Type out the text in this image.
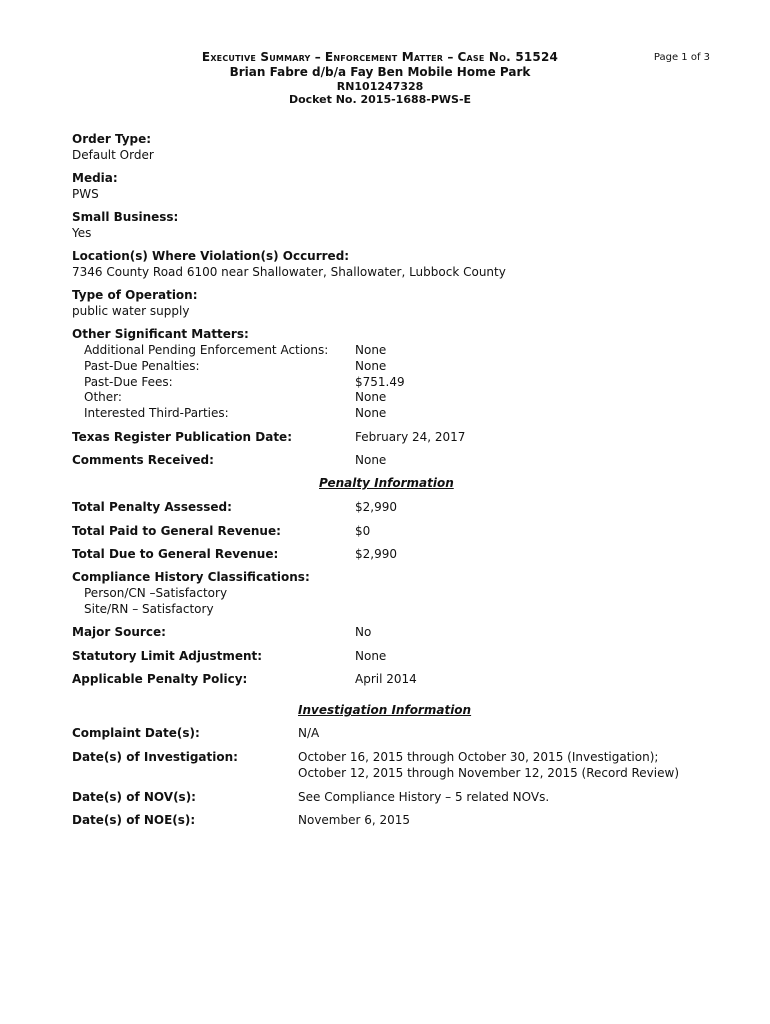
Executive Summary – Enforcement Matter – Case No. 51524
Brian Fabre d/b/a Fay Ben Mobile Home Park
RN101247328
Docket No. 2015-1688-PWS-E
Page 1 of 3
Order Type:
Default Order
Media:
PWS
Small Business:
Yes
Location(s) Where Violation(s) Occurred:
7346 County Road 6100 near Shallowater, Shallowater, Lubbock County
Type of Operation:
public water supply
Other Significant Matters:
Additional Pending Enforcement Actions: None
Past-Due Penalties:	None
Past-Due Fees:	$751.49
Other:	None
Interested Third-Parties:	None
Texas Register Publication Date:	February 24, 2017
Comments Received:	None
Penalty Information
Total Penalty Assessed:	$2,990
Total Paid to General Revenue:	$0
Total Due to General Revenue:	$2,990
Compliance History Classifications:
Person/CN –Satisfactory
Site/RN – Satisfactory
Major Source:	No
Statutory Limit Adjustment:	None
Applicable Penalty Policy:	April 2014
Investigation Information
Complaint Date(s):	N/A
Date(s) of Investigation:	October 16, 2015 through October 30, 2015 (Investigation);
October 12, 2015 through November 12, 2015 (Record Review)
Date(s) of NOV(s):	See Compliance History – 5 related NOVs.
Date(s) of NOE(s):	November 6, 2015
